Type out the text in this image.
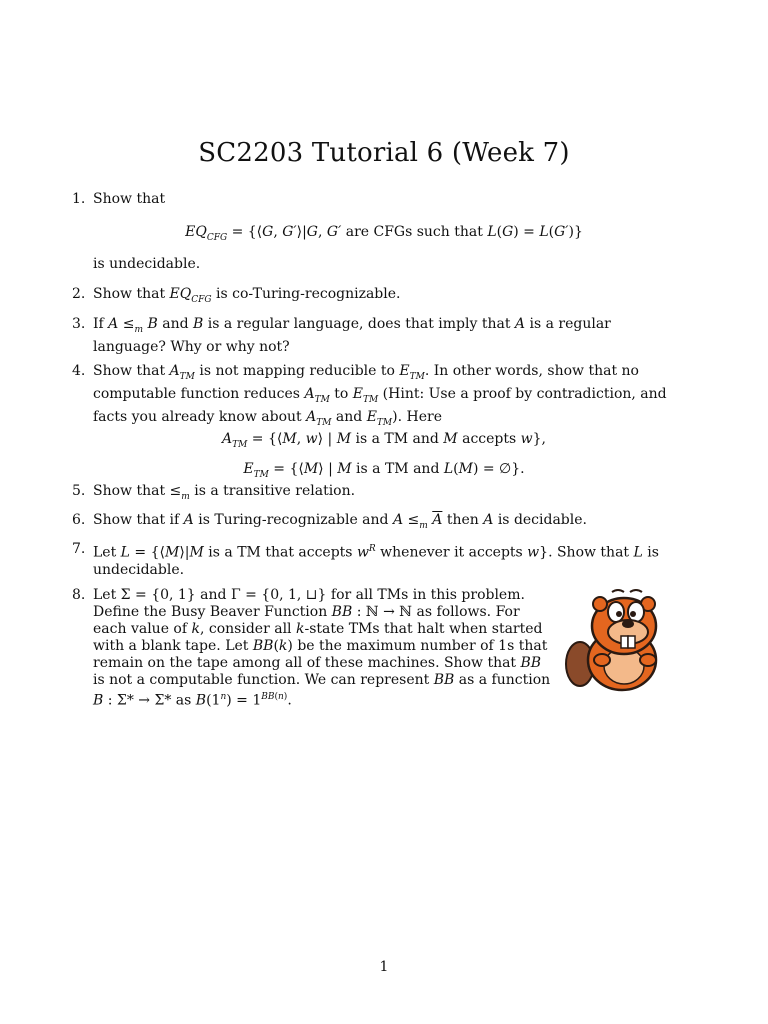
SC2203 Tutorial 6 (Week 7)
1. Show that
$EQ_{CFG}$ = {⟨G, G′⟩|G, G′ are CFGs such that L(G) = L(G′)}
is undecidable.
2. Show that $EQ_{CFG}$ is co-Turing-recognizable.
3. If $A \le_m$ B and B is a regular language, does that imply that A is a regular language? Why or why not?
4. Show that $A_{TM}$ is not mapping reducible to $E_{TM}$. In other words, show that no computable function reduces $A_{TM}$ to $E_{TM}$ (Hint: Use a proof by contradiction, and facts you already know about $A_{TM}$ and $E_{TM}$). Here
$A_{TM}$ = {⟨M, w⟩ | M is a TM and M accepts w},
$E_{TM}$ = {⟨M⟩ | M is a TM and L(M) = ∅}.
5. Show that $\le_m$ is a transitive relation.
6. Show that if A is Turing-recognizable and $A \le_m$ $\overline{A}$ then A is decidable.
7. Let L = {⟨M⟩|M is a TM that accepts $w^R$ whenever it accepts w}. Show that L is undecidable.
8. Let Σ = {0, 1} and Γ = {0, 1, ⊔} for all TMs in this problem. Define the Busy Beaver Function BB : ℕ → ℕ as follows. For each value of k, consider all k-state TMs that halt when started with a blank tape. Let BB(k) be the maximum number of 1s that remain on the tape among all of these machines. Show that BB is not a computable function. We can represent BB as a function B : Σ* → Σ* as $B(1^n) = 1^{BB(n)}$.
1
